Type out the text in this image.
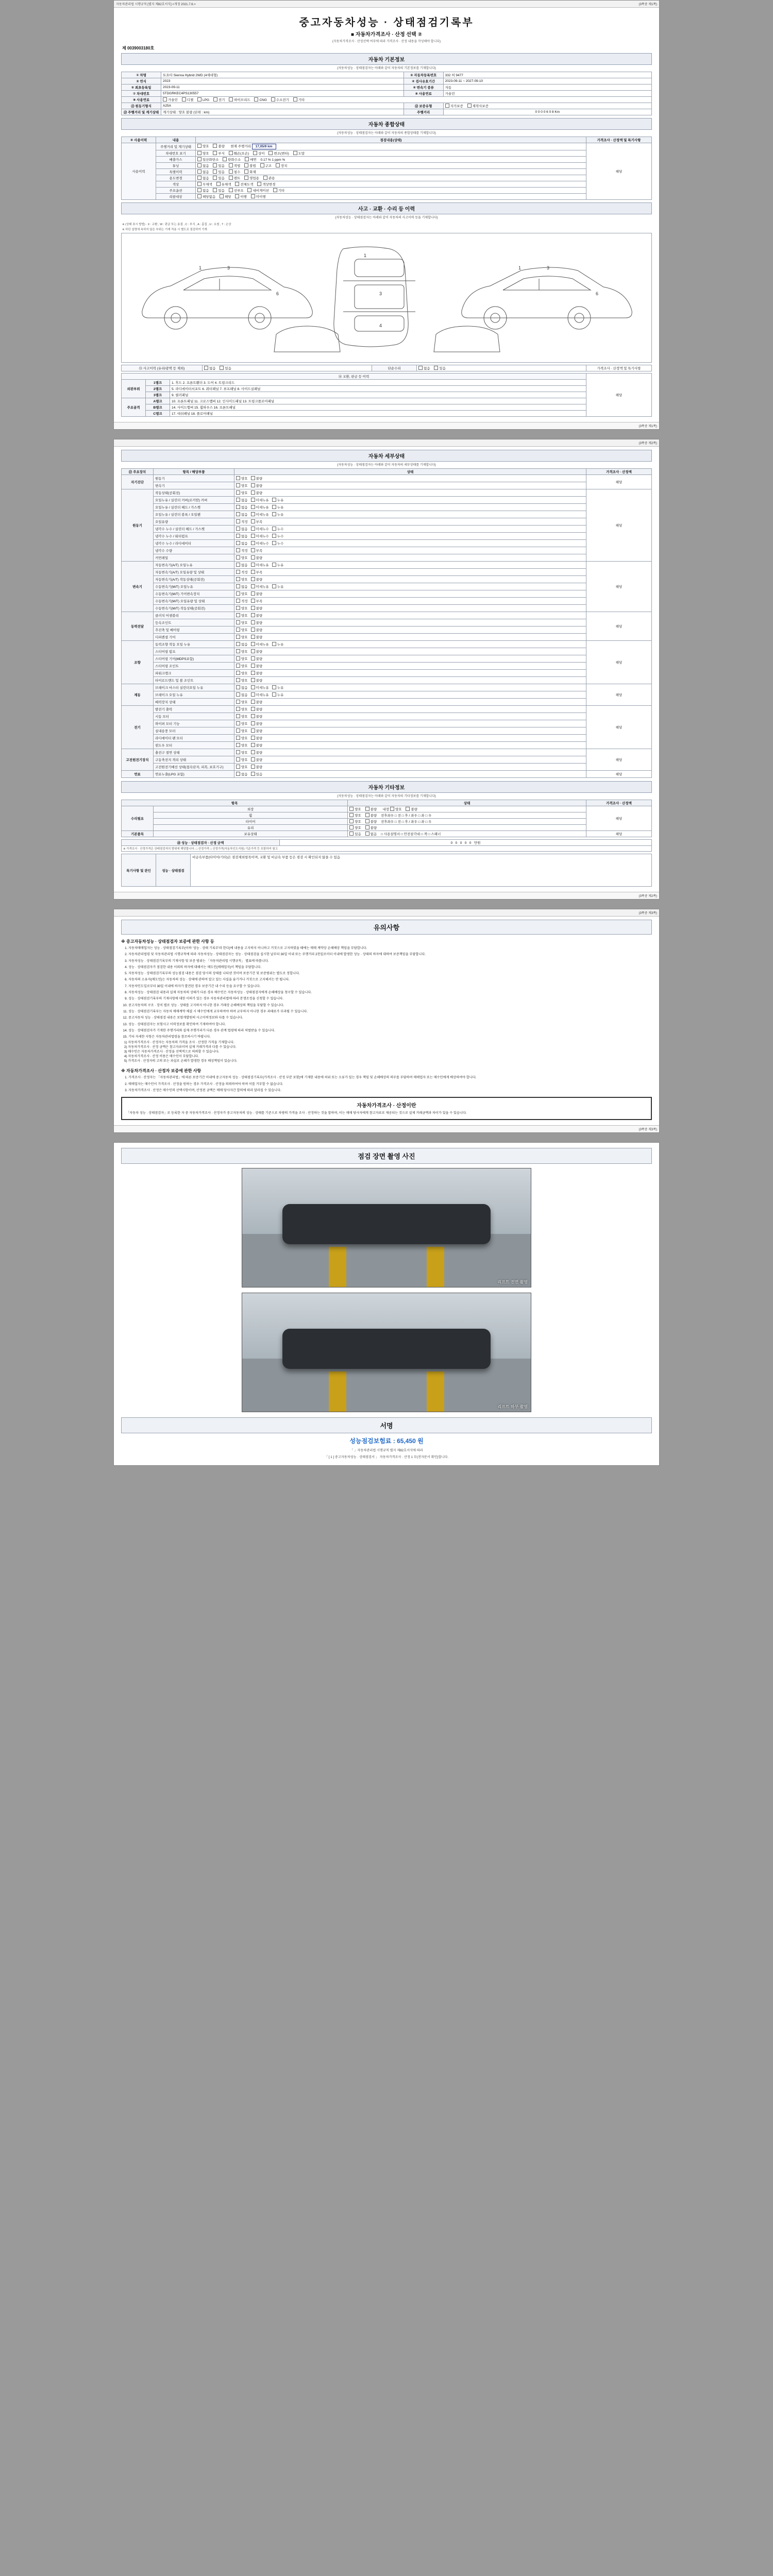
자동차관리법 시행규칙 [별지 제82호서식] <개정 2021.7.6.>	(3쪽중 제1쪽)
중고자동차성능 · 상태점검기록부
■ 자동차가격조사 · 산정 선택 ②
(자동차가격조사 · 산정선택 여부에 따라 가격조사 · 산정 내용을 작성해야 합니다)
제 0039003180호
자동차 기본정보
(자동차성능 · 상태점검자는 아래와 같이 자동차의 기본정보를 기재합니다)
① 차명	토요타 Sienna Hybrid 2WD (4세대형)	② 자동차등록번호	332 허 9477
③ 연식	2023	④ 검사유효기간	2023-09-11 ~ 2027-09-10
⑤ 최초등록일	2023-09-11	⑥ 변속기 종류	자동
⑦ 차대번호	5TDGRKEC4PS130557	⑧ 사용연료	가솔린
⑨ 사용연료	가솔린 디젤 LPG 전기 하이브리드 CNG 수소전기 기타		
⑪ 원동기형식	A25A	⑫ 보증유형	자가보증 제작사보증
⑬ 주행거리 및 계기상태	계기상태 : 양호 불량 (단위 : km)	주행거리	0 0 0 0 6 0 8 Km
자동차 종합상태
(자동차성능 · 상태점검자는 아래와 같이 자동차의 종합상태를 기재합니다)
④ 사용이력	내용	점검내용(상태)	가격조사 · 산정액 및 특기사항
사용이력	주행거리 및 계기상태	양호 불량 현재 주행거리 17,05/9 km	해당
	차대번호 표기	양호 부식 훼손(오손) 상이 변조(변타) 도말	
	배출가스	일산화탄소 탄화수소 매연 0.17 % 1 ppm %	
	튜닝	없음 있음 적법 불법 구조 장치	
	특별이력	없음 있음 침수 화재	
	용도변경	없음 있음 렌트 영업용 관용	
	색상	무채색 유채색 전체도색 색상변경	
	주요옵션	없음 있음 선루프 내비게이션 기타	
	리콜대상	해당없음 해당 이행 미이행	
사고 · 교환 · 수리 등 이력
(자동차성능 · 상태점검자는 아래와 같이 자동차의 사고이력 등을 기재합니다)
※ (상태 표시 방법) · X : 교환 , W : 판금 또는 용접 , C : 부식 , A : 흠집 , U : 요철 , T : 손상
※ 하단 설명에 속하지 않은 부위는 기재 적용 시 별도로 점검하여 기재
1	3
6
1
3
4
1	3
6
⑮ 사고이력 (유리/광택 등 제외)	없음	있음	단순수리	없음	있음	가격조사 · 산정액 및 특기사항
⑯ 교환, 판금 등 이력			해당
외판부위	1랭크	1. 후드 2. 프론트휀더 3. 도어 4. 트렁크리드	
	2랭크	5. 라디에이터서포트 6. 쿼터패널 7. 루프패널 8. 사이드실패널	
	3랭크	9. 필러패널	
주요골격	A랭크	10. 프론트패널 11. 크로스멤버 12. 인사이드패널 13. 트렁크플로어패널	
	B랭크	14. 사이드멤버 15. 휠하우스 16. 프론트패널	
	C랭크	17. 대쉬패널 18. 플로어패널	
(3쪽중 제1쪽)

(3쪽중 제2쪽)
자동차 세부상태
(자동차성능 · 상태점검자는 아래와 같이 자동차의 세부상태를 기재합니다)
⑰ 주요장치	항목 / 해당부품	상태	가격조사 · 산정액
자기진단	원동기	양호 불량	해당
	변속기	양호 불량	
원동기	작동상태(공회전)	양호 불량	해당
	오일누유 / 실린더 커버(로커암) 커버	없음 미세누유 누유	
	오일누유 / 실린더 헤드 / 가스켓	없음 미세누유 누유	
	오일누유 / 실린더 블록 / 오일팬	없음 미세누유 누유	
	오일유량	적정 부족	
	냉각수 누수 / 실린더 헤드 / 가스켓	없음 미세누수 누수	
	냉각수 누수 / 워터펌프	없음 미세누수 누수	
	냉각수 누수 / 라디에이터	없음 미세누수 누수	
	냉각수 수량	적정 부족	
	커먼레일	양호 불량	
변속기	자동변속기(A/T) 오일누유	없음 미세누유 누유	해당
	자동변속기(A/T) 오일유량 및 상태	적정 부족	
	자동변속기(A/T) 작동상태(공회전)	양호 불량	
	수동변속기(M/T) 오일누유	없음 미세누유 누유	
	수동변속기(M/T) 기어변속장치	양호 불량	
	수동변속기(M/T) 오일유량 및 상태	적정 부족	
	수동변속기(M/T) 작동상태(공회전)	양호 불량	
동력전달	클러치 어셈블리	양호 불량	해당
	등속조인트	양호 불량	
	추진축 및 베어링	양호 불량	
	디퍼렌셜 기어	양호 불량	
조향	동력조향 작동 오일 누유	없음 미세누유 누유	해당
	스티어링 펌프	양호 불량	
	스티어링 기어(MDPS포함)	양호 불량	
	스티어링 조인트	양호 불량	
	파워크랭크	양호 불량	
	타이로드엔드 및 볼 조인트	양호 불량	
제동	브레이크 마스터 실린더오일 누유	없음 미세누유 누유	해당
	브레이크 오일 누유	없음 미세누유 누유	
	배력장치 상태	양호 불량	
전기	발전기 출력	양호 불량	해당
	시동 모터	양호 불량	
	와이퍼 모터 기능	양호 불량	
	실내송풍 모터	양호 불량	
	라디에이터 팬 모터	양호 불량	
	윈도우 모터	양호 불량	
고전원전기장치	충전구 절연 상태	양호 불량	해당
	구동축전지 격리 상태	양호 불량	
	고전원전기배선 상태(접속단자, 피복, 보호기구)	양호 불량	
연료	연료누출(LPG 포함)	없음 있음	해당
자동차 기타정보
(자동차성능 · 상태점검자는 아래와 같이 자동차의 기타정보를 기재합니다)
항목		상태	가격조사 · 산정액
수리필요	외장	양호 불량 내장 양호 불량	해당
	휠	양호 불량 전후좌우 □ 전 □ 후 / 좌우 □ 좌 □ 우	
	타이어	양호 불량 전후좌우 □ 전 □ 후 / 좌우 □ 좌 □ 우	
	유리	양호 불량	
기본품목	보유상태	있음 없음 □ 사용설명서 □ 안전삼각대 □ 잭 □ 스패너	해당
⑱ 성능 · 상태점검자 · 산정 금액	0 0 0 0 0 만원
※ 가격조사 · 산정가격은 상태점검자의 범위에 해당합니다. □ 산정가격 □ 산정가격(자동차인도지원) 기준가격 등 포함하여 참고
특기사항 및 관인	성능 · 상태점검	비금속부품(타이어/기타)은 점검제외항목이며, 교환 및 비금속 부품 등은 점검 시 확인되지 않을 수 있음
(3쪽중 제2쪽)

(3쪽중 제3쪽)
유의사항
※ 중고자동차성능 · 상태점검자 보증에 관한 사항 등
1. 자동차매매업자는 성능 · 상태점검기록부(이하 '성능 · 상태 기록부'라 한다)에 내용을 고지하지 아니하고 거짓으로 고지하였을 때에는 매매 계약상 손해배상 책임을 부담합니다.
2. 자동차관리법령 및 자동차관리법 시행규칙에 따라 자동차성능 · 상태점검자는 성능 · 상태점검을 실시한 날부터 30일 이내 또는 주행거리 2천킬로미터 이내에 발생한 성능 · 상태의 하자에 대하여 보증책임을 부담합니다.
3. 자동차성능 · 상태점검기록부의 기재사항 및 보증 범위는 「자동차관리법 시행규칙」 별표에 따릅니다.
4. 성능 · 상태점검자가 점검한 내용 이외의 하자에 대해서는 매도인(매매업자)이 책임을 부담합니다.
5. 자동차성능 · 상태점검기록부의 성능점검 내용은 점검 당시의 상태를 나타낸 것이며 보증기간 및 보증범위는 별도로 정합니다.
6. 자동차의 소유자(매도인)는 자동차의 성능 · 상태에 관하여 알고 있는 사실을 숨기거나 거짓으로 고지해서는 안 됩니다.
7. 자동차인도일로부터 30일 이내에 하자가 발견된 경우 보증기간 내 수리 등을 요구할 수 있습니다.
8. 자동차성능 · 상태점검 내용과 실제 자동차의 상태가 다른 경우 매수인은 자동차성능 · 상태점검자에게 손해배상을 청구할 수 있습니다.
9. 성능 · 상태점검기록부의 기재사항에 대한 이의가 있는 경우 자동차관리법에 따라 분쟁조정을 신청할 수 있습니다.
10. 중고자동차의 구조 · 장치 별로 성능 · 상태를 고지하지 아니한 경우 거래상 손해배상의 책임을 부담할 수 있습니다.
11. 성능 · 상태점검기록부는 자동차 매매계약 체결 시 매수인에게 교부하여야 하며 교부하지 아니한 경우 과태료가 부과될 수 있습니다.
12. 중고자동차 성능 · 상태점검 내용은 보험개발원의 사고이력정보와 다를 수 있습니다.
13. 성능 · 상태점검자는 보험사고 이력정보를 확인하여 기재하여야 합니다.
14. 성능 · 상태점검자가 기재한 주행거리와 실제 주행거리가 다른 경우 관계 법령에 따라 처벌받을 수 있습니다.
15. 기타 자세한 사항은 자동차관리법령을 참조하시기 바랍니다.
1) 자동차가격조사 · 산정자는 자동차의 가격을 조사 · 산정한 가격을 기재합니다.
2) 자동차가격조사 · 산정 금액은 참고자료이며 실제 거래가격과 다를 수 있습니다.
3) 매수인은 자동차가격조사 · 산정을 선택적으로 의뢰할 수 있습니다.
4) 자동차가격조사 · 산정 비용은 매수인이 부담합니다.
5) 가격조사 · 산정자의 고의 또는 과실로 손해가 발생한 경우 배상책임이 있습니다.
※ 자동차가격조사 · 산정자 보증에 관한 사항
1. 가격조사 · 산정자는 「자동차관리법」에 따른 보증기간 이내에 중고자동차 성능 · 상태점검기록부(가격조사 · 산정 부분 포함)에 기재한 내용에 허위 또는 오류가 있는 경우 책임 및 손해배상의 의무를 부담하며 매매업자 또는 매수인에게 배상하여야 합니다.
2. 매매업자는 매수인이 가격조사 · 산정을 원하는 경우 가격조사 · 산정을 의뢰하여야 하며 이를 거부할 수 없습니다.
3. 자동차가격조사 · 산정은 매수인의 선택사항이며, 산정된 금액은 매매 당사자간 합의에 따라 달라질 수 있습니다.
자동차가격조사 · 산정이란
「자동차 성능 · 상태점검자」로 등록한 자 중 자동차가격조사 · 산정자가 중고자동차의 성능 · 상태를 기준으로 차량의 가격을 조사 · 산정하는 것을 말하며, 이는 매매 당사자에게 참고자료로 제공되는 것으로 실제 거래금액과 차이가 있을 수 있습니다.
(3쪽중 제3쪽)
점검 장면 촬영 사진
리프트 전면 촬영
리프트 하부 촬영
서명
성능점검보험료 : 65,450 원
「 」자동차관리법 시행규칙 별지 제82호서식에 따라
「 [ 1 ] 중고자동차성능 · 상태점검서 」 자동차가격조사 · 산정 1 부(전자문서 확인)합니다.
